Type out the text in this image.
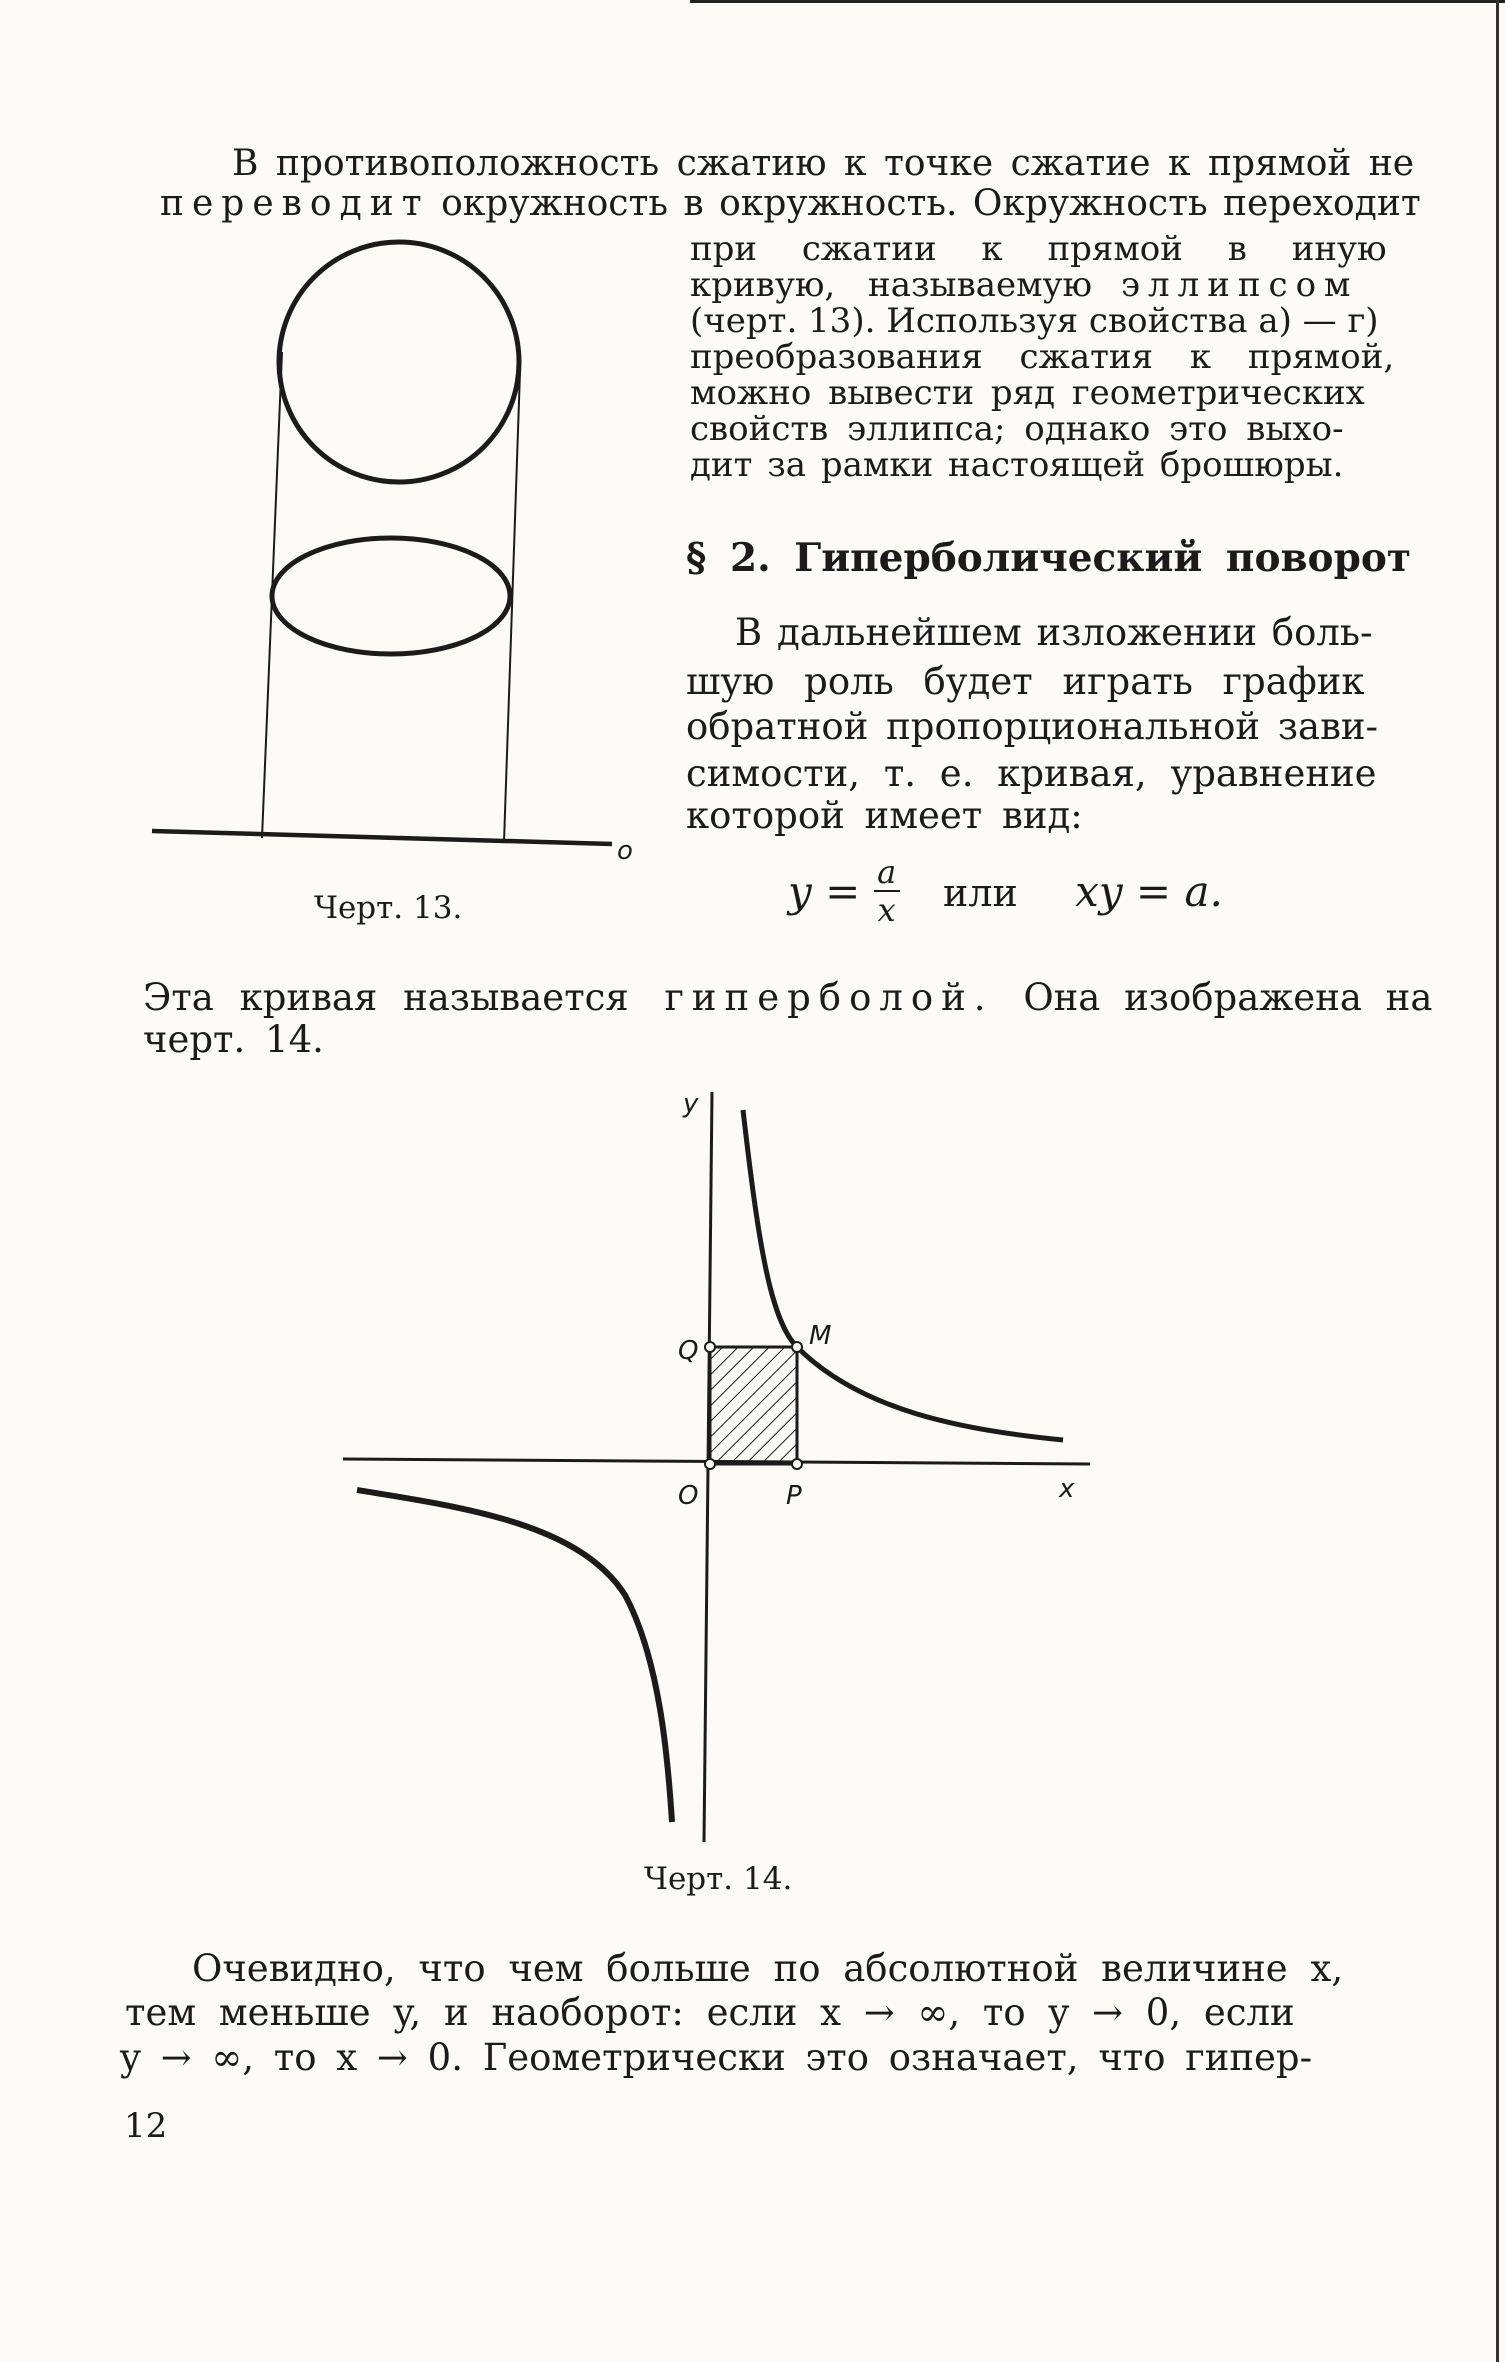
В противоположность сжатию к точке сжатие к прямой не
переводит окружность в окружность. Окружность переходит
при сжатии к прямой в иную
кривую, называемую эллипсом
(черт. 13). Используя свойства а) — г)
преобразования сжатия к прямой,
можно вывести ряд геометрических
свойств эллипса; однако это выхо-
дит за рамки настоящей брошюры.
o
Черт. 13.
§ 2. Гиперболический поворот
В дальнейшем изложении боль-
шую роль будет играть график
обратной пропорциональной зави-
симости, т. е. кривая, уравнение
которой имеет вид:
$y = \frac{a}{x}$ или xy = a.
Эта кривая называется гиперболой. Она изображена на
черт. 14.
y
x
O	P
Q	M
Черт. 14.
Очевидно, что чем больше по абсолютной величине x,
тем меньше y, и наоборот: если x → ∞, то y → 0, если
y → ∞, то x → 0. Геометрически это означает, что гипер-
12
